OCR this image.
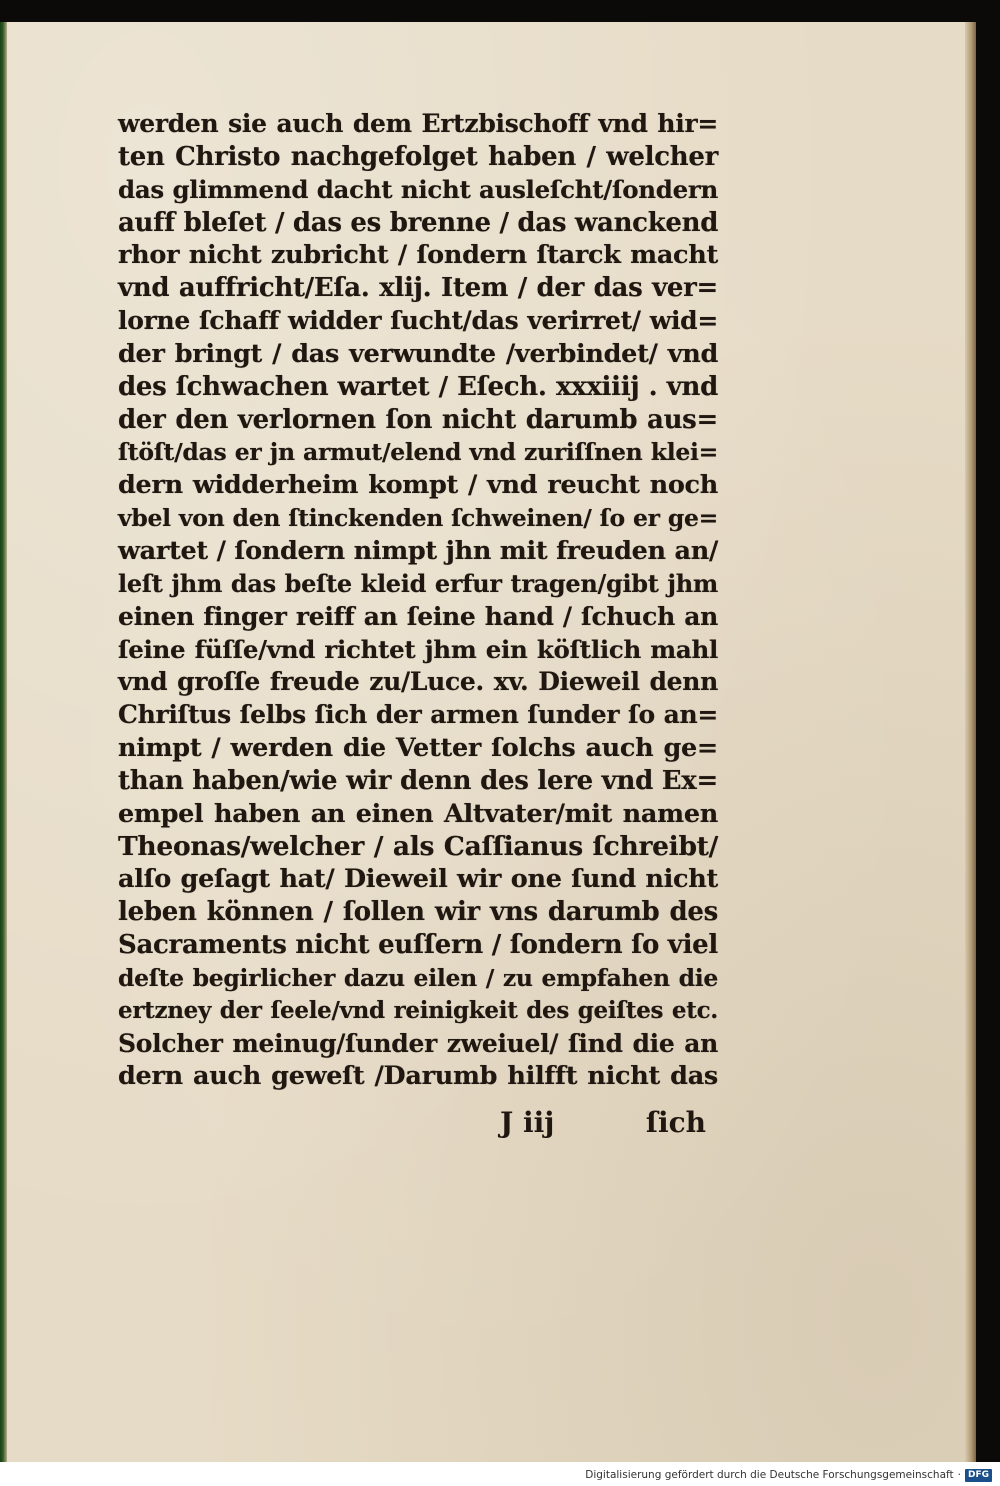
werden sie auch dem Ertzbischoff vnd hir=
ten Christo nachgefolget haben / welcher
das glimmend dacht nicht ausleſcht/ſondern
auff bleſet / das es brenne / das wanckend
rhor nicht zubricht / ſondern ſtarck macht
vnd auffricht/Eſa. xlij. Item / der das ver=
lorne ſchaff widder ſucht/das verirret/ wid=
der bringt / das verwundte /verbindet/ vnd
des ſchwachen wartet / Eſech. xxxiiij . vnd
der den verlornen ſon nicht darumb aus=
ſtöſt/das er jn armut/elend vnd zuriſſnen klei=
dern widderheim kompt / vnd reucht noch
vbel von den ſtinckenden ſchweinen/ ſo er ge=
wartet / ſondern nimpt jhn mit freuden an/
leſt jhm das beſte kleid erfur tragen/gibt jhm
einen finger reiff an ſeine hand / ſchuch an
ſeine füſſe/vnd richtet jhm ein köſtlich mahl
vnd groſſe freude zu/Luce. xv. Dieweil denn
Chriſtus ſelbs ſich der armen ſunder ſo an=
nimpt / werden die Vetter ſolchs auch ge=
than haben/wie wir denn des lere vnd Ex=
empel haben an einen Altvater/mit namen
Theonas/welcher / als Caſſianus ſchreibt/
alſo geſagt hat/ Dieweil wir one ſund nicht
leben können / ſollen wir vns darumb des
Sacraments nicht euſſern / ſondern ſo viel
deſte begirlicher dazu eilen / zu empfahen die
ertzney der ſeele/vnd reinigkeit des geiſtes etc.
Solcher meinug/ſunder zweiuel/ ſind die an
dern auch geweſt /Darumb hilfft nicht das
J iij	ſich
Digitalisierung gefördert durch die Deutsche Forschungsgemeinschaft · DFG
